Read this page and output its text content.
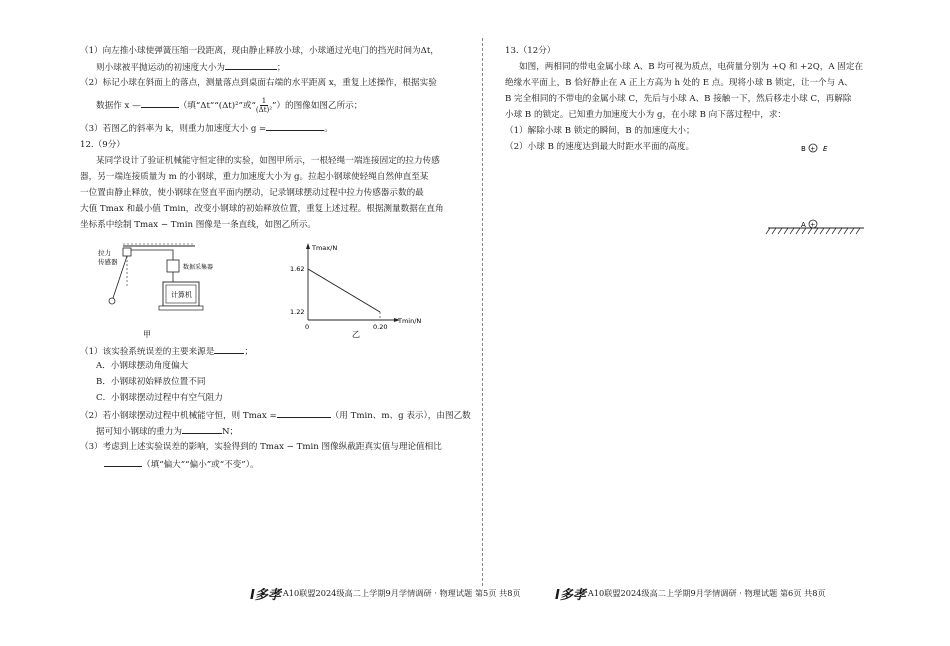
（1）向左推小球使弹簧压缩一段距离，现由静止释放小球，小球通过光电门的挡光时间为Δt，
则小球被平抛运动的初速度大小为	；
（2）标记小球在斜面上的落点，测量落点到桌面右端的水平距离 x，重复上述操作，根据实验
数据作 x —	（填“Δt”“(Δt)²”或“ $\frac{1}{\text{(Δt)²}}$ ”）的图像如图乙所示；
（3）若图乙的斜率为 k，则重力加速度大小 g =	。
12.（9分）
某同学设计了验证机械能守恒定律的实验，如图甲所示，一根轻绳一端连接固定的拉力传感
器，另一端连接质量为 m 的小钢球，重力加速度大小为 g。拉起小钢球使轻绳自然伸直至某
一位置由静止释放，使小钢球在竖直平面内摆动，记录钢球摆动过程中拉力传感器示数的最
大值 Tmax 和最小值 Tmin，改变小钢球的初始释放位置，重复上述过程。根据测量数据在直角
坐标系中绘制 Tmax − Tmin 图像是一条直线，如图乙所示。
拉力
传感器
数据采集器
计算机
甲
Tmax/N
Tmin/N
1.62
1.22
0	0.20
乙
（1）该实验系统误差的主要来源是	；
A．小钢球摆动角度偏大
B．小钢球初始释放位置不同
C．小钢球摆动过程中有空气阻力
（2）若小钢球摆动过程中机械能守恒，则 Tmax =	（用 Tmin、m、g 表示），由图乙数
据可知小钢球的重力为	N；
（3）考虑到上述实验误差的影响，实验得到的 Tmax − Tmin 图像纵截距真实值与理论值相比
（填“偏大”“偏小”或“不变”）。
I多孝 A10联盟2024级高二上学期9月学情调研 · 物理试题 第5页 共8页
13.（12分）
如图，两相同的带电金属小球 A、B 均可视为质点，电荷量分别为 +Q 和 +2Q，A 固定在
绝缘水平面上，B 恰好静止在 A 正上方高为 h 处的 E 点。现将小球 B 锁定，让一个与 A、
B 完全相同的不带电的金属小球 C，先后与小球 A、B 接触一下，然后移走小球 C，再解除
小球 B 的锁定。已知重力加速度大小为 g，在小球 B 向下落过程中，求：
（1）解除小球 B 锁定的瞬间，B 的加速度大小；
（2）小球 B 的速度达到最大时距水平面的高度。	B + E
A +
I多孝 A10联盟2024级高二上学期9月学情调研 · 物理试题 第6页 共8页
